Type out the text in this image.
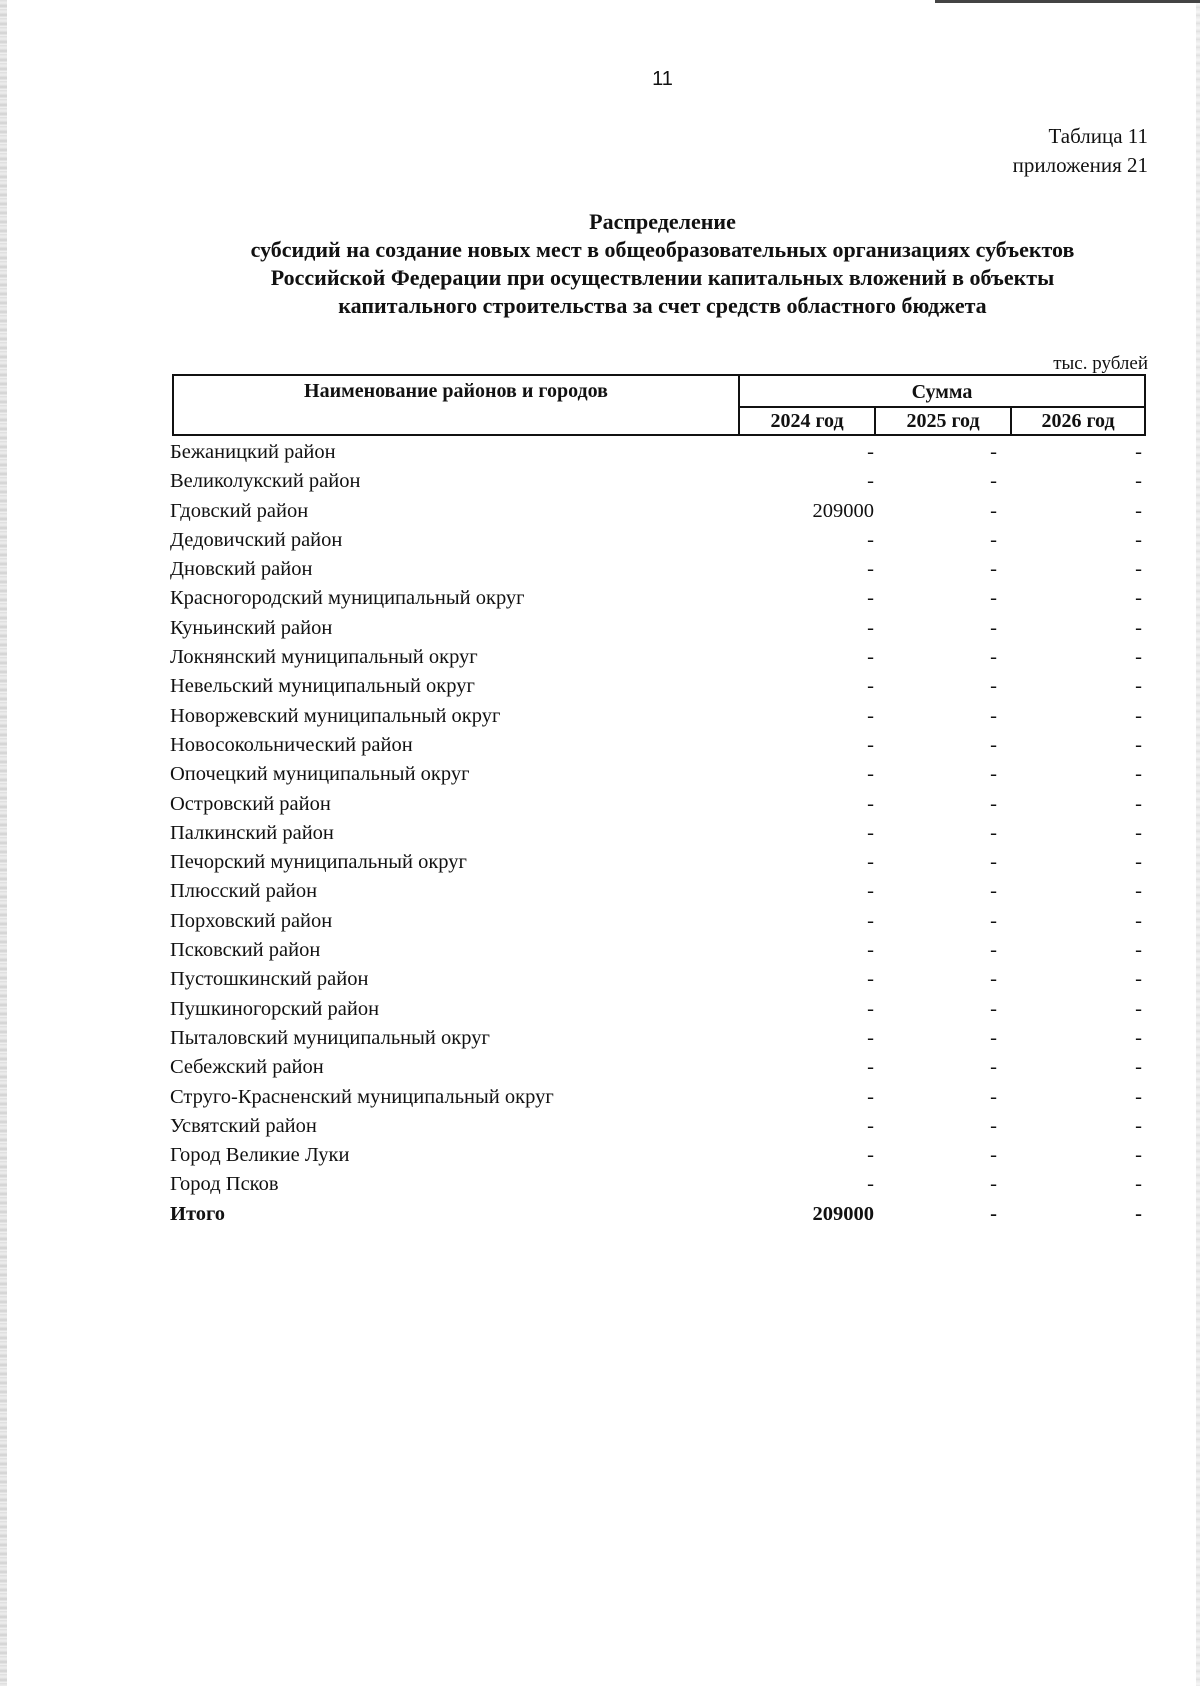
11
Таблица 11
приложения 21
Распределение
субсидий на создание новых мест в общеобразовательных организациях субъектов
Российской Федерации при осуществлении капитальных вложений в объекты
капитального строительства за счет средств областного бюджета
тыс. рублей
Наименование районов и городов	Сумма
2024 год	2025 год	2026 год
Бежаницкий район	-	-	-
Великолукский район	-	-	-
Гдовский район	209000	-	-
Дедовичский район	-	-	-
Дновский район	-	-	-
Красногородский муниципальный округ	-	-	-
Куньинский район	-	-	-
Локнянский муниципальный округ	-	-	-
Невельский муниципальный округ	-	-	-
Новоржевский муниципальный округ	-	-	-
Новосокольнический район	-	-	-
Опочецкий муниципальный округ	-	-	-
Островский район	-	-	-
Палкинский район	-	-	-
Печорский муниципальный округ	-	-	-
Плюсский район	-	-	-
Порховский район	-	-	-
Псковский район	-	-	-
Пустошкинский район	-	-	-
Пушкиногорский район	-	-	-
Пыталовский муниципальный округ	-	-	-
Себежский район	-	-	-
Струго-Красненский муниципальный округ	-	-	-
Усвятский район	-	-	-
Город Великие Луки	-	-	-
Город Псков	-	-	-
Итого	209000	-	-
